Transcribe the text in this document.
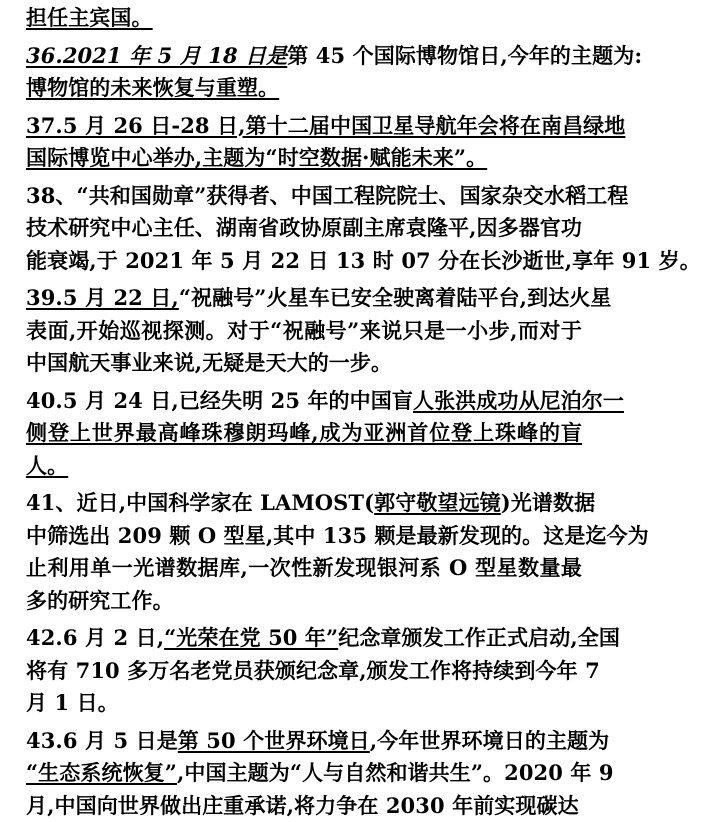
担任主宾国。
36.2021 年 5 月 18 日是第 45 个国际博物馆日,今年的主题为:
博物馆的未来恢复与重塑。
37.5 月 26 日-28 日,第十二届中国卫星导航年会将在南昌绿地
国际博览中心举办,主题为“时空数据·赋能未来”。
38、“共和国勋章”获得者、中国工程院院士、国家杂交水稻工程
技术研究中心主任、湖南省政协原副主席袁隆平,因多器官功
能衰竭,于 2021 年 5 月 22 日 13 时 07 分在长沙逝世,享年 91 岁。
39.5 月 22 日,“祝融号”火星车已安全驶离着陆平台,到达火星
表面,开始巡视探测。对于“祝融号”来说只是一小步,而对于
中国航天事业来说,无疑是天大的一步。
40.5 月 24 日,已经失明 25 年的中国盲人张洪成功从尼泊尔一
侧登上世界最高峰珠穆朗玛峰,成为亚洲首位登上珠峰的盲
人。
41、近日,中国科学家在 LAMOST(郭守敬望远镜)光谱数据
中筛选出 209 颗 O 型星,其中 135 颗是最新发现的。这是迄今为
止利用单一光谱数据库,一次性新发现银河系 O 型星数量最
多的研究工作。
42.6 月 2 日,“光荣在党 50 年”纪念章颁发工作正式启动,全国
将有 710 多万名老党员获颁纪念章,颁发工作将持续到今年 7
月 1 日。
43.6 月 5 日是第 50 个世界环境日,今年世界环境日的主题为
“生态系统恢复”,中国主题为“人与自然和谐共生”。2020 年 9
月,中国向世界做出庄重承诺,将力争在 2030 年前实现碳达
